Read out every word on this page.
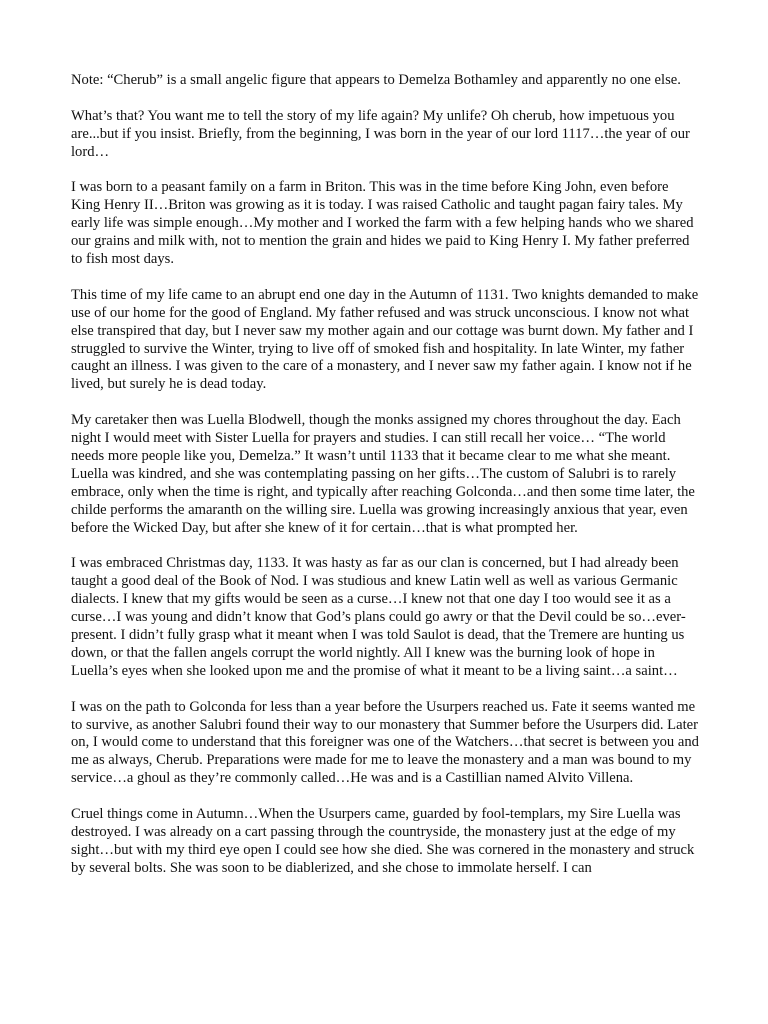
Note: “Cherub” is a small angelic figure that appears to Demelza Bothamley and apparently no one else.

What’s that? You want me to tell the story of my life again? My unlife? Oh cherub, how impetuous you are...but if you insist. Briefly, from the beginning, I was born in the year of our lord 1117…the year of our lord…

I was born to a peasant family on a farm in Briton. This was in the time before King John, even before King Henry II…Briton was growing as it is today. I was raised Catholic and taught pagan fairy tales. My early life was simple enough…My mother and I worked the farm with a few helping hands who we shared our grains and milk with, not to mention the grain and hides we paid to King Henry I. My father preferred to fish most days.

This time of my life came to an abrupt end one day in the Autumn of 1131. Two knights demanded to make use of our home for the good of England. My father refused and was struck unconscious. I know not what else transpired that day, but I never saw my mother again and our cottage was burnt down. My father and I struggled to survive the Winter, trying to live off of smoked fish and hospitality. In late Winter, my father caught an illness. I was given to the care of a monastery, and I never saw my father again. I know not if he lived, but surely he is dead today.

My caretaker then was Luella Blodwell, though the monks assigned my chores throughout the day. Each night I would meet with Sister Luella for prayers and studies. I can still recall her voice… “The world needs more people like you, Demelza.” It wasn’t until 1133 that it became clear to me what she meant. Luella was kindred, and she was contemplating passing on her gifts…The custom of Salubri is to rarely embrace, only when the time is right, and typically after reaching Golconda…and then some time later, the childe performs the amaranth on the willing sire. Luella was growing increasingly anxious that year, even before the Wicked Day, but after she knew of it for certain…that is what prompted her.

I was embraced Christmas day, 1133. It was hasty as far as our clan is concerned, but I had already been taught a good deal of the Book of Nod. I was studious and knew Latin well as well as various Germanic dialects. I knew that my gifts would be seen as a curse…I knew not that one day I too would see it as a curse…I was young and didn’t know that God’s plans could go awry or that the Devil could be so…ever-present. I didn’t fully grasp what it meant when I was told Saulot is dead, that the Tremere are hunting us down, or that the fallen angels corrupt the world nightly. All I knew was the burning look of hope in Luella’s eyes when she looked upon me and the promise of what it meant to be a living saint…a saint…

I was on the path to Golconda for less than a year before the Usurpers reached us. Fate it seems wanted me to survive, as another Salubri found their way to our monastery that Summer before the Usurpers did. Later on, I would come to understand that this foreigner was one of the Watchers…that secret is between you and me as always, Cherub. Preparations were made for me to leave the monastery and a man was bound to my service…a ghoul as they’re commonly called…He was and is a Castillian named Alvito Villena.

Cruel things come in Autumn…When the Usurpers came, guarded by fool-templars, my Sire Luella was destroyed. I was already on a cart passing through the countryside, the monastery just at the edge of my sight…but with my third eye open I could see how she died. She was cornered in the monastery and struck by several bolts. She was soon to be diablerized, and she chose to immolate herself. I can
